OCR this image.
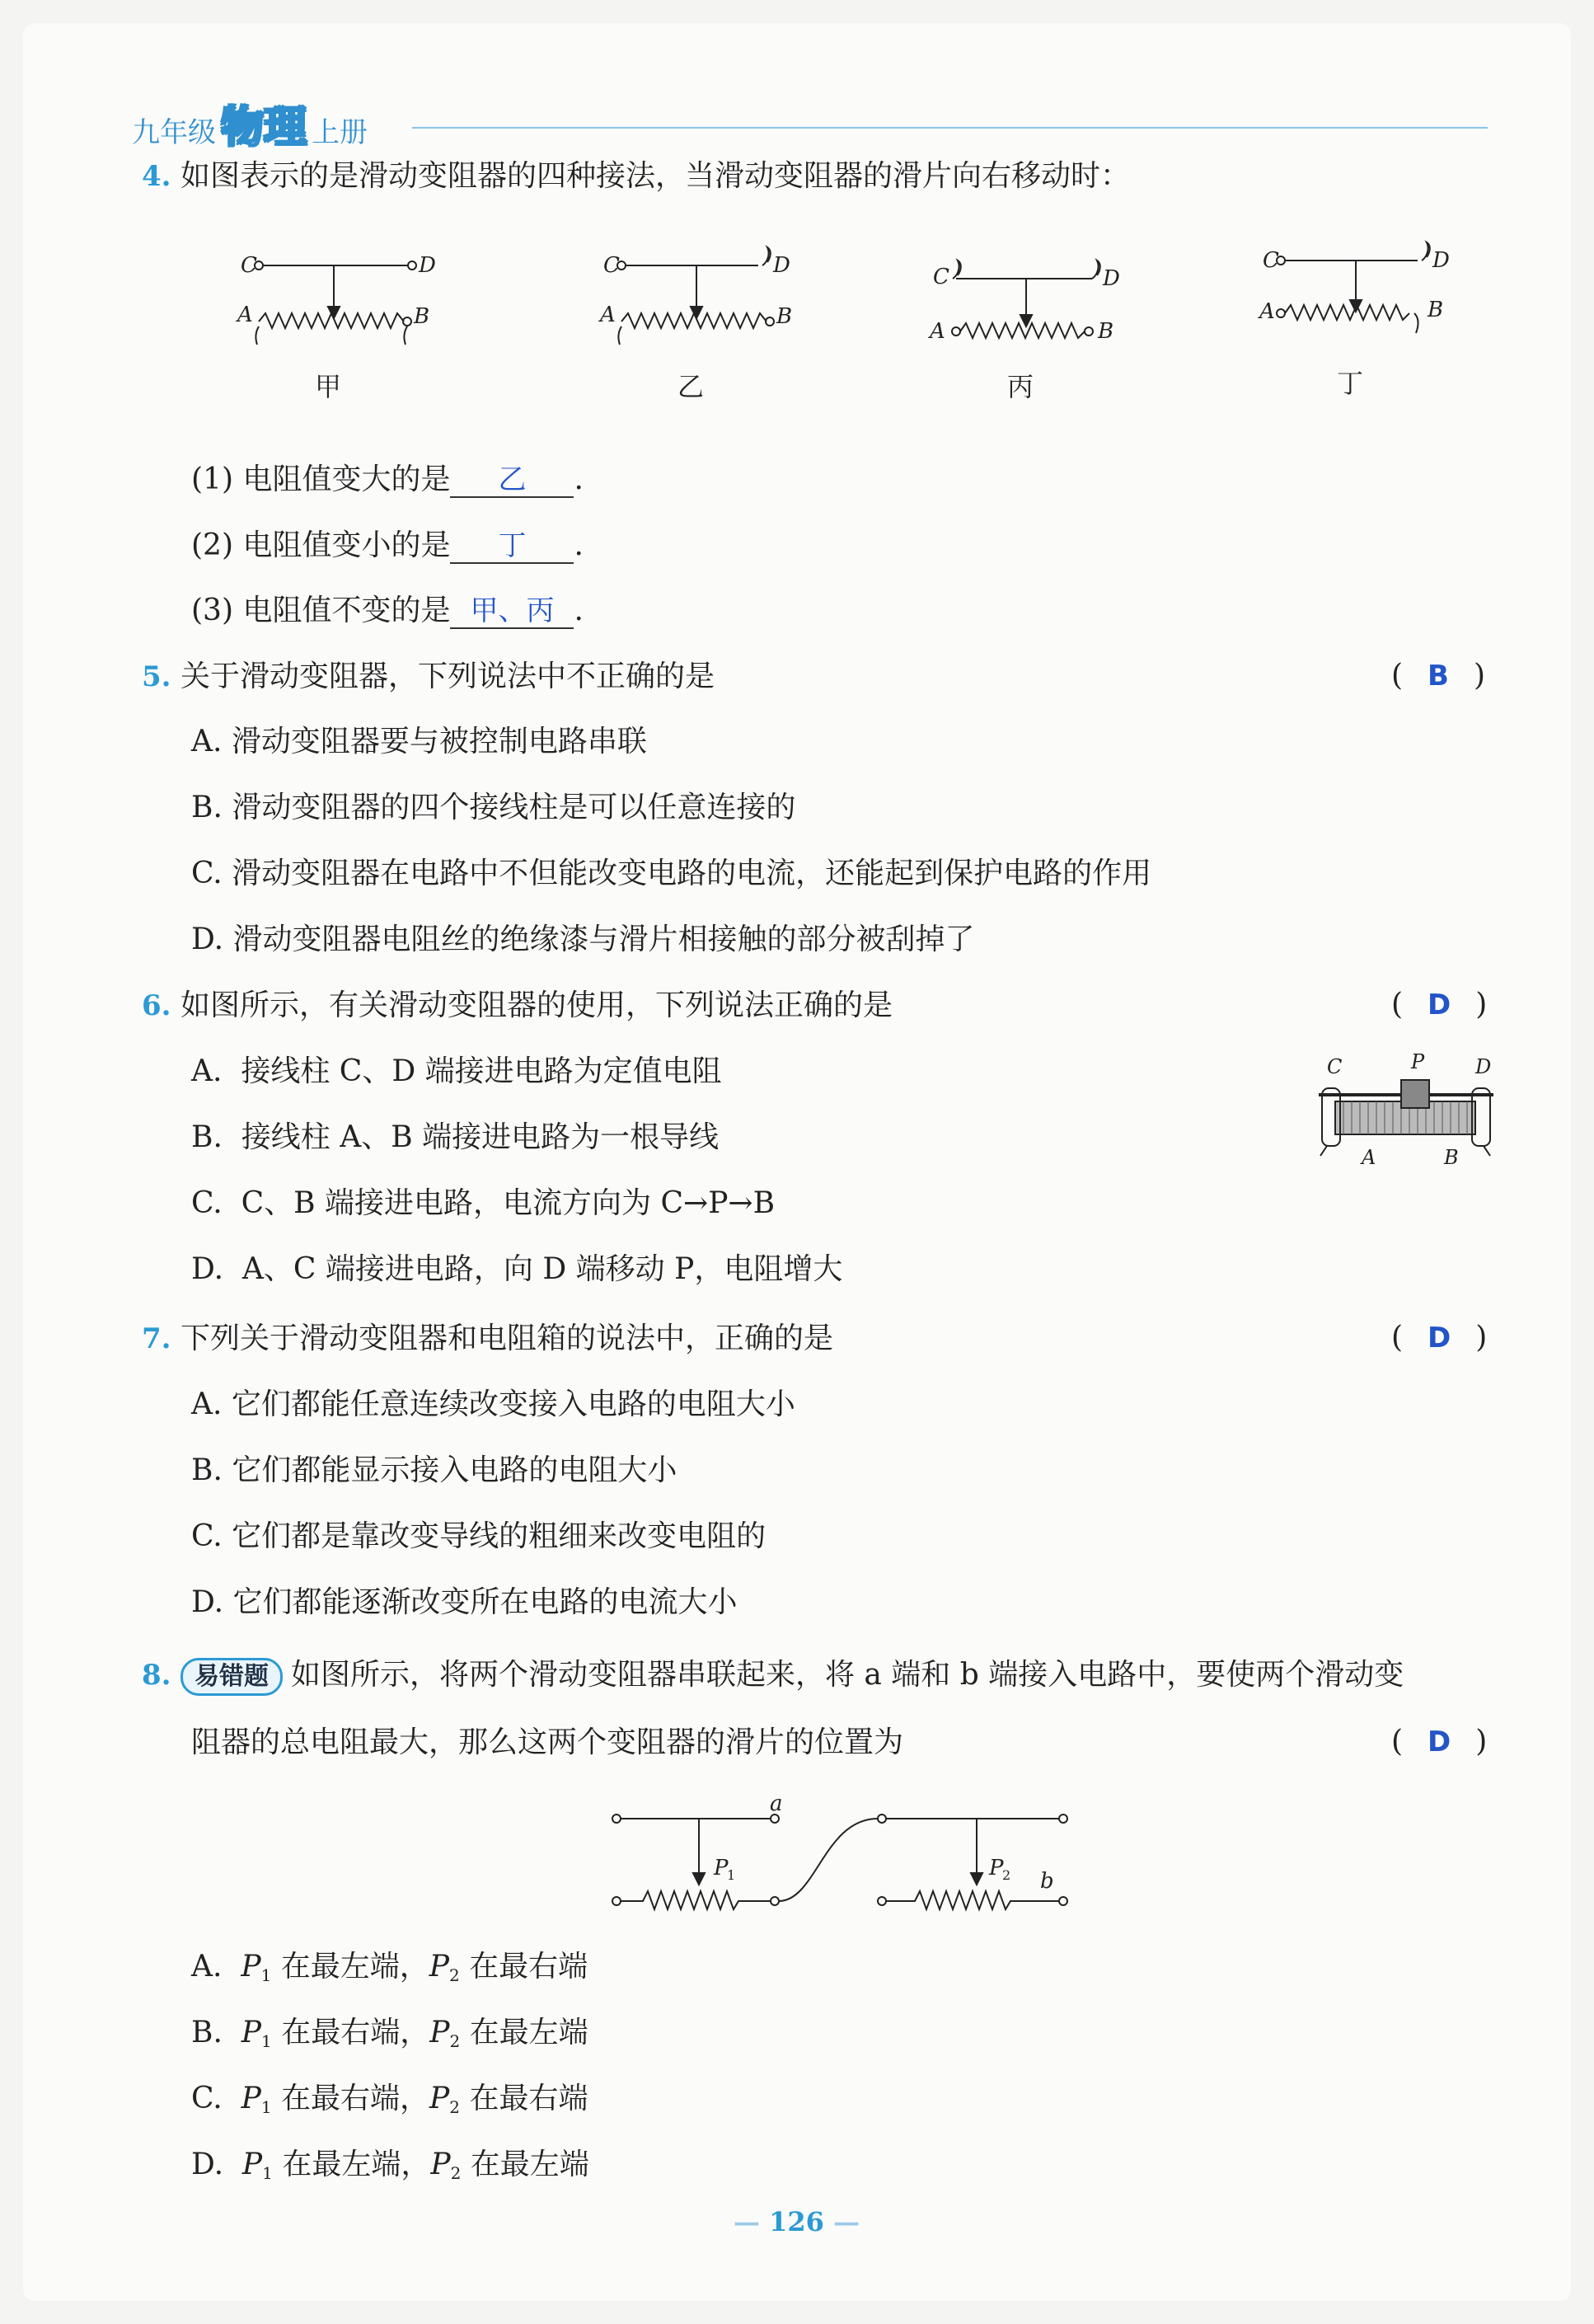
九年级 物理 上册
4. 如图表示的是滑动变阻器的四种接法，当滑动变阻器的滑片向右移动时：
C	D
A	B
C	D
A	B
C	D
A	B
C	D
A	B
甲	乙	丙	丁
(1) 电阻值变大的是 乙 .
(2) 电阻值变小的是 丁 .
(3) 电阻值不变的是 甲、丙 .
5. 关于滑动变阻器，下列说法中不正确的是	( B )
A. 滑动变阻器要与被控制电路串联
B. 滑动变阻器的四个接线柱是可以任意连接的
C. 滑动变阻器在电路中不但能改变电路的电流，还能起到保护电路的作用
D. 滑动变阻器电阻丝的绝缘漆与滑片相接触的部分被刮掉了
6. 如图所示，有关滑动变阻器的使用，下列说法正确的是	( D )
A. 接线柱 C、D 端接进电路为定值电阻
B. 接线柱 A、B 端接进电路为一根导线
C. C、B 端接进电路，电流方向为 C→P→B
D. A、C 端接进电路，向 D 端移动 P，电阻增大
C	P	D
A	B
7. 下列关于滑动变阻器和电阻箱的说法中，正确的是	( D )
A. 它们都能任意连续改变接入电路的电阻大小
B. 它们都能显示接入电路的电阻大小
C. 它们都是靠改变导线的粗细来改变电阻的
D. 它们都能逐渐改变所在电路的电流大小
8. 易错题 如图所示，将两个滑动变阻器串联起来，将 a 端和 b 端接入电路中，要使两个滑动变
阻器的总电阻最大，那么这两个变阻器的滑片的位置为	( D )
a
P
1	P
2 b
A. $P_1$ 在最左端，$P_2$ 在最右端
B. $P_1$ 在最右端，$P_2$ 在最左端
C. $P_1$ 在最右端，$P_2$ 在最右端
D. $P_1$ 在最左端，$P_2$ 在最左端
— 126 —
